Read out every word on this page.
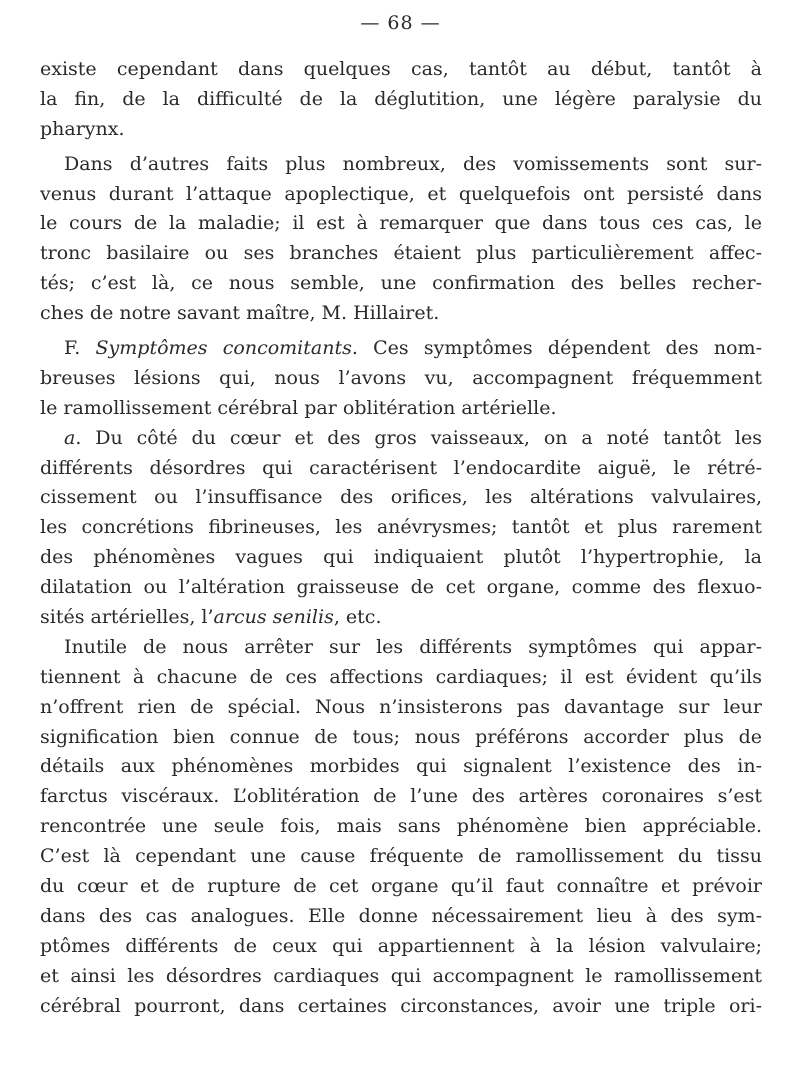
— 68 —
existe cependant dans quelques cas, tantôt au début, tantôt à
la fin, de la difficulté de la déglutition, une légère paralysie du
pharynx.
Dans d’autres faits plus nombreux, des vomissements sont sur-
venus durant l’attaque apoplectique, et quelquefois ont persisté dans
le cours de la maladie; il est à remarquer que dans tous ces cas, le
tronc basilaire ou ses branches étaient plus particulièrement affec-
tés; c’est là, ce nous semble, une confirmation des belles recher-
ches de notre savant maître, M. Hillairet.
F. Symptômes concomitants. Ces symptômes dépendent des nom-
breuses lésions qui, nous l’avons vu, accompagnent fréquemment
le ramollissement cérébral par oblitération artérielle.
a. Du côté du cœur et des gros vaisseaux, on a noté tantôt les
différents désordres qui caractérisent l’endocardite aiguë, le rétré-
cissement ou l’insuffisance des orifices, les altérations valvulaires,
les concrétions fibrineuses, les anévrysmes; tantôt et plus rarement
des phénomènes vagues qui indiquaient plutôt l’hypertrophie, la
dilatation ou l’altération graisseuse de cet organe, comme des flexuo-
sités artérielles, l’arcus senilis, etc.
Inutile de nous arrêter sur les différents symptômes qui appar-
tiennent à chacune de ces affections cardiaques; il est évident qu’ils
n’offrent rien de spécial. Nous n’insisterons pas davantage sur leur
signification bien connue de tous; nous préférons accorder plus de
détails aux phénomènes morbides qui signalent l’existence des in-
farctus viscéraux. L’oblitération de l’une des artères coronaires s’est
rencontrée une seule fois, mais sans phénomène bien appréciable.
C’est là cependant une cause fréquente de ramollissement du tissu
du cœur et de rupture de cet organe qu’il faut connaître et prévoir
dans des cas analogues. Elle donne nécessairement lieu à des sym-
ptômes différents de ceux qui appartiennent à la lésion valvulaire;
et ainsi les désordres cardiaques qui accompagnent le ramollissement
cérébral pourront, dans certaines circonstances, avoir une triple ori-
